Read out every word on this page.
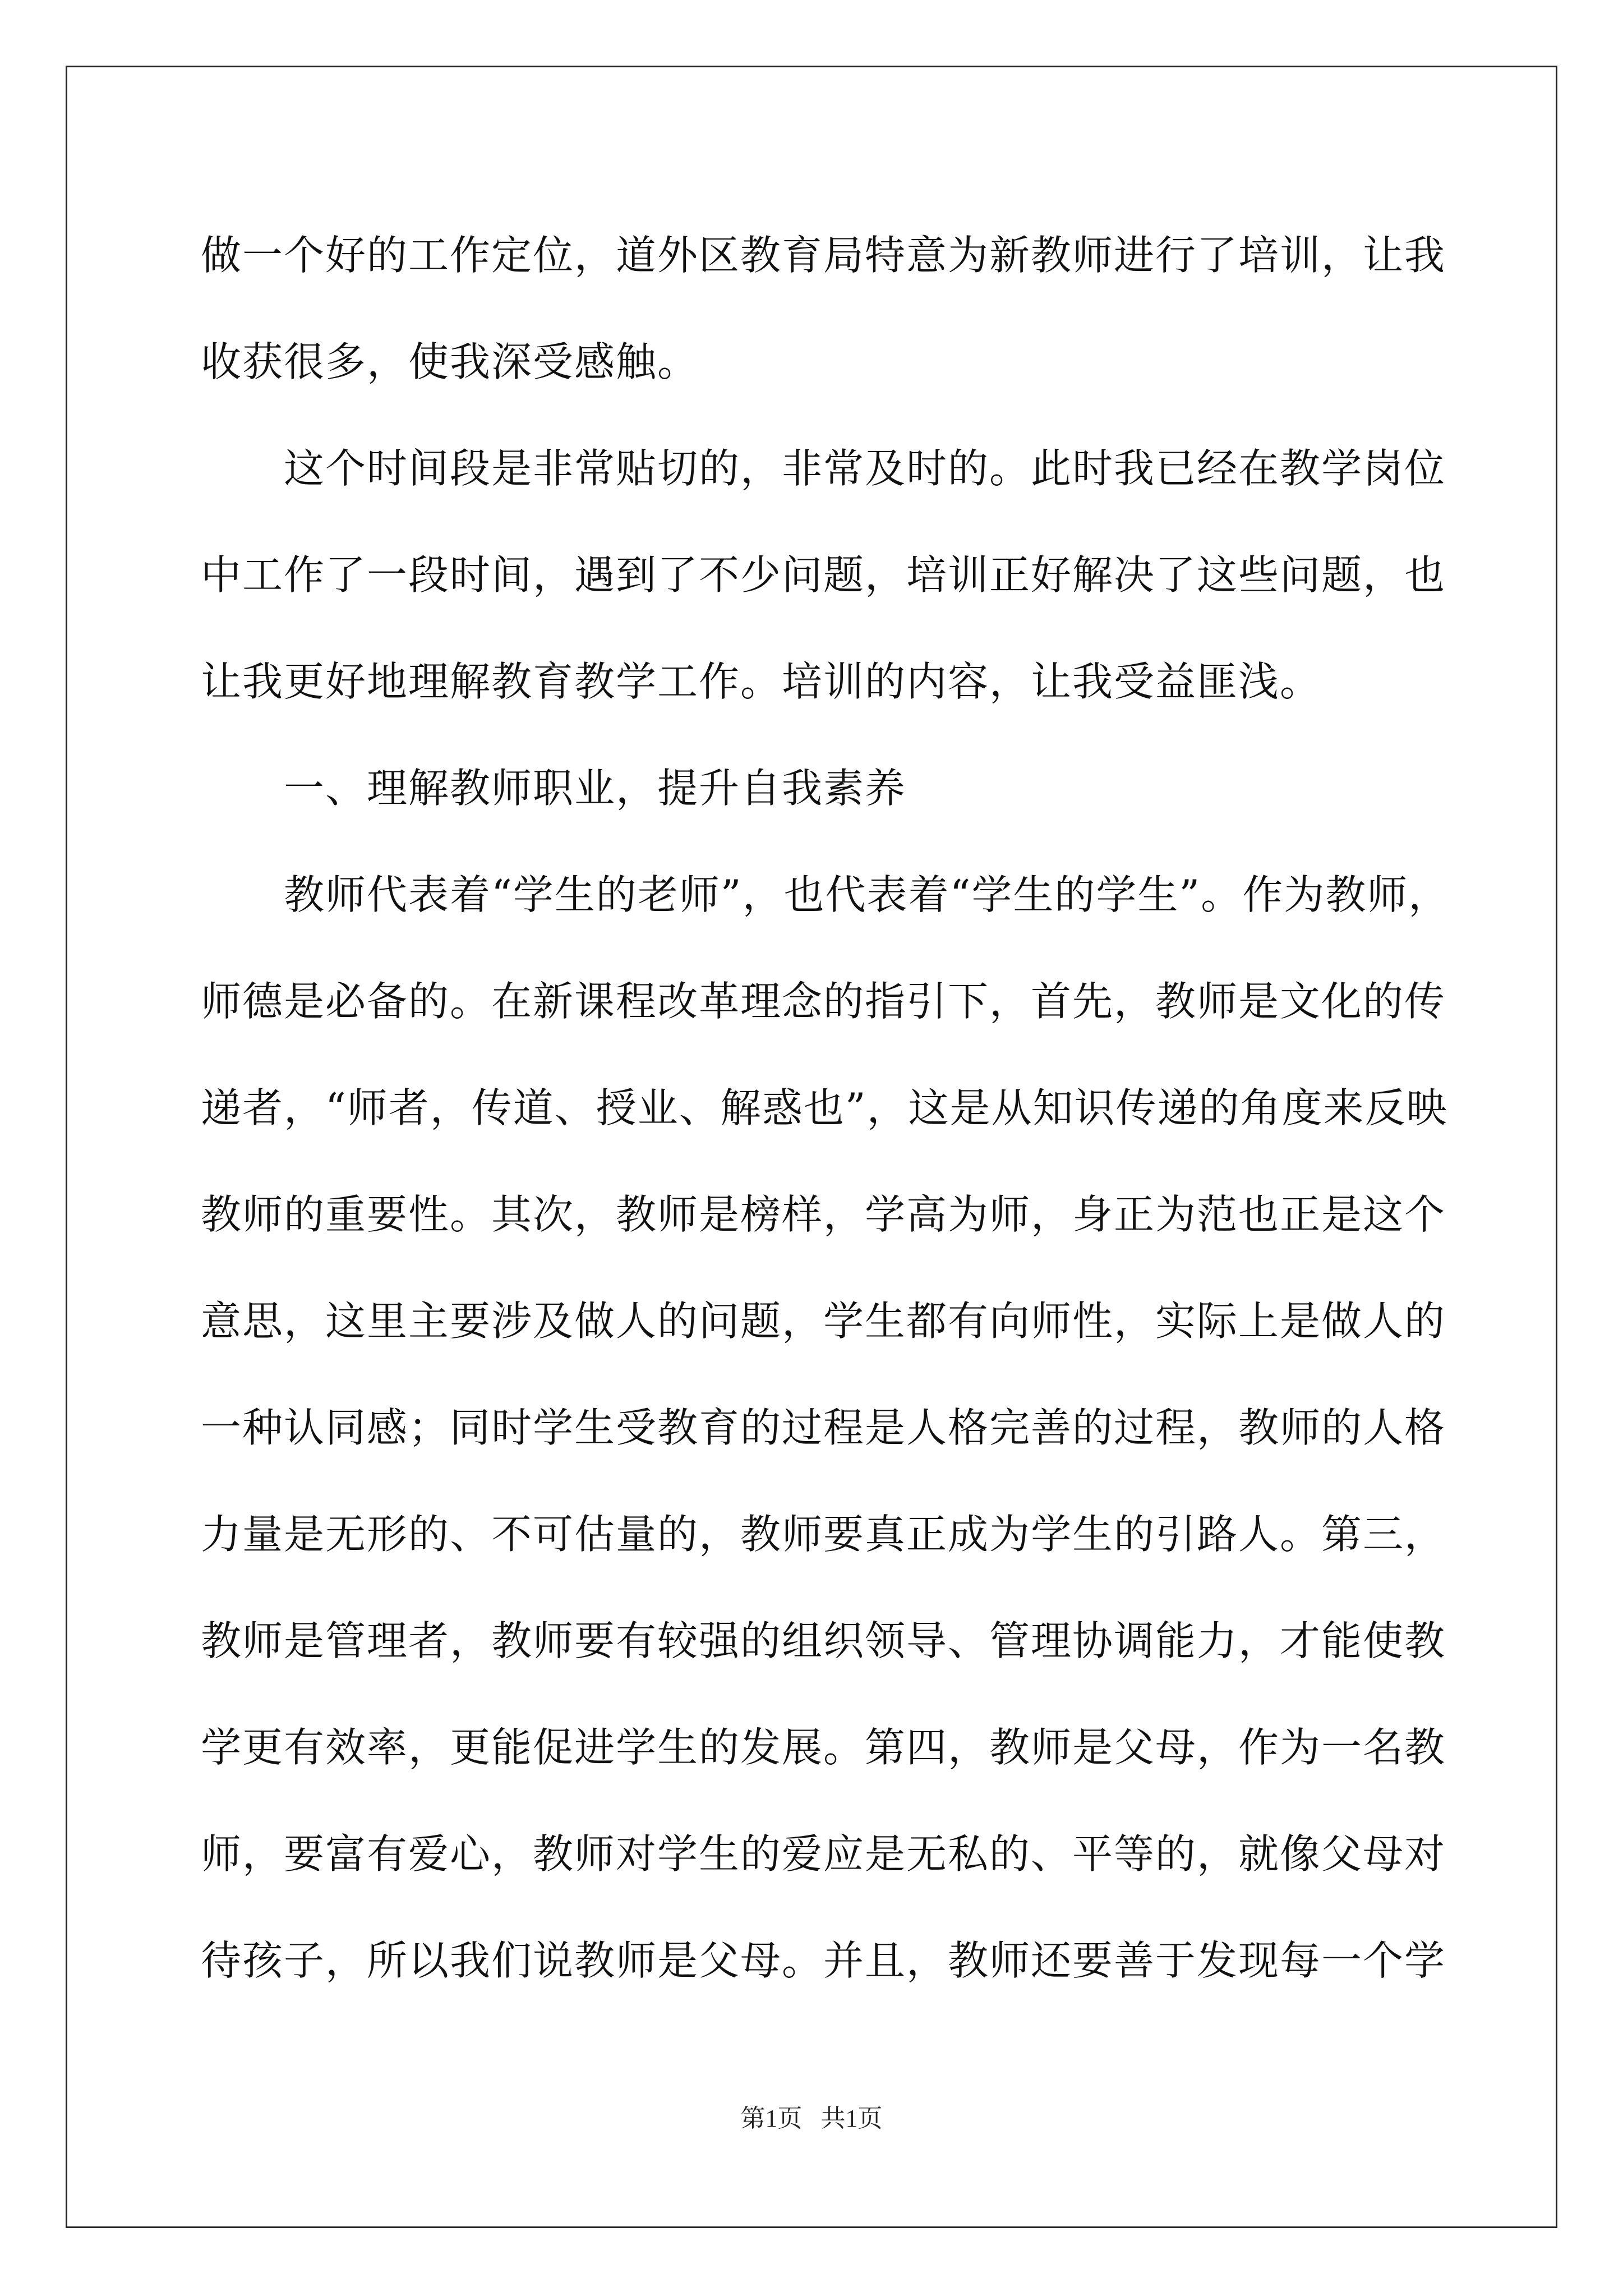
做一个好的工作定位，道外区教育局特意为新教师进行了培训，让我
收获很多，使我深受感触。
这个时间段是非常贴切的，非常及时的。此时我已经在教学岗位
中工作了一段时间，遇到了不少问题，培训正好解决了这些问题，也
让我更好地理解教育教学工作。培训的内容，让我受益匪浅。
一、理解教师职业，提升自我素养
教师代表着“学生的老师”，也代表着“学生的学生”。作为教师，
师德是必备的。在新课程改革理念的指引下，首先，教师是文化的传
递者，“师者，传道、授业、解惑也”，这是从知识传递的角度来反映
教师的重要性。其次，教师是榜样，学高为师，身正为范也正是这个
意思，这里主要涉及做人的问题，学生都有向师性，实际上是做人的
一种认同感；同时学生受教育的过程是人格完善的过程，教师的人格
力量是无形的、不可估量的，教师要真正成为学生的引路人。第三，
教师是管理者，教师要有较强的组织领导、管理协调能力，才能使教
学更有效率，更能促进学生的发展。第四，教师是父母，作为一名教
师，要富有爱心，教师对学生的爱应是无私的、平等的，就像父母对
待孩子，所以我们说教师是父母。并且，教师还要善于发现每一个学
第1页   共1页
